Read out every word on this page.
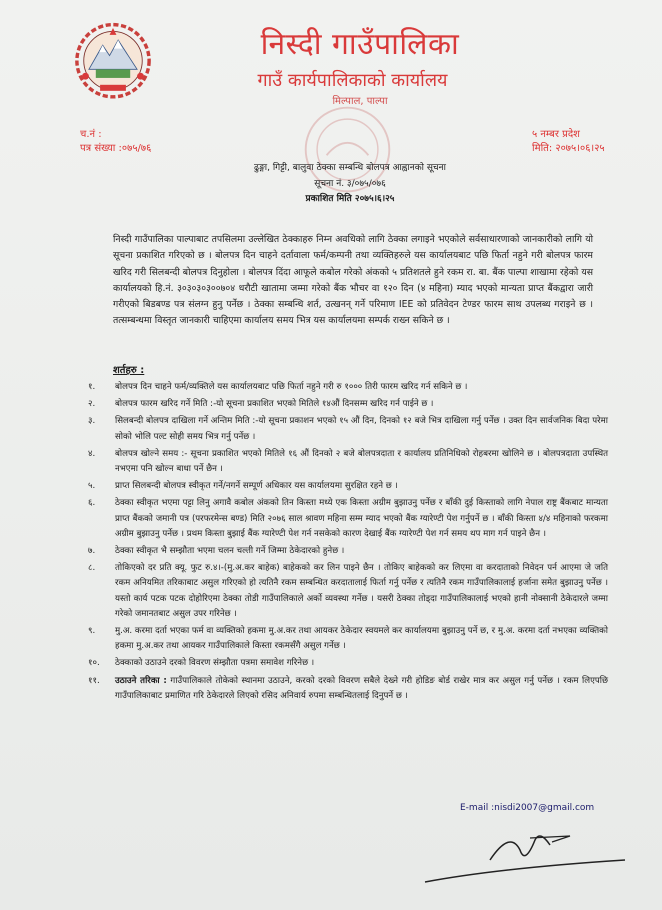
निस्दी गाउँपालिका
गाउँ कार्यपालिकाको कार्यालय
मिल्पाल, पाल्पा
च.नं :
पत्र संख्या :०७५/७६
५ नम्बर प्रदेश
मिति: २०७५।०६।२५
ढुङ्गा, गिट्टी, बालुवा ठेक्का सम्बन्धि बोलपत्र आह्वानको सूचना
सूचना नं. ३/०७५/०७६
प्रकाशित मिति २०७५।६।२५
निस्दी गाउँपालिका पाल्पाबाट तपसिलमा उल्लेखित ठेक्काहरु निम्न अवधिको लागि ठेक्का लगाइने भएकोले सर्वसाधारणाको जानकारीको लागि यो सूचना प्रकाशित गरिएको छ । बोलपत्र दिन चाहने दर्तावाला फर्म/कम्पनी तथा व्यक्तिहरुले यस कार्यालयबाट पछि फिर्ता नहुने गरी बोलपत्र फारम खरिद गरी सिलबन्दी बोलपत्र दिनुहोला । बोलपत्र दिंदा आफूले कबोल गरेको अंकको ५ प्रतिशतले हुने रकम रा. बा. बैंक पाल्पा शाखामा रहेको यस कार्यालयको हि.नं. ३०३०३०३००७०४ धरौटी खातामा जम्मा गरेको बैंक भौचर वा १२० दिन (४ महिना) म्याद भएको मान्यता प्राप्त बैंकद्वारा जारी गरीएको बिडबण्ड पत्र संलग्न हुनु पर्नेछ । ठेक्का सम्बन्धि शर्त, उत्खनन् गर्ने परिमाण IEE को प्रतिवेदन टेण्डर फारम साथ उपलब्ध गराइने छ । तत्सम्बन्धमा विस्तृत जानकारी चाहिएमा कार्यालय समय भित्र यस कार्यालयमा सम्पर्क राख्न सकिने छ ।
शर्तहरु :
१.	बोलपत्र दिन चाहने फर्म/व्यक्तिले यस कार्यालयबाट पछि फिर्ता नहुने गरी रु १००० तिरी फारम खरिद गर्न सकिने छ ।
२.	बोलपत्र फारम खरिद गर्ने मिति :-यो सूचना प्रकाशित भएको मितिले १४औं दिनसम्म खरिद गर्न पाईने छ ।
३.	सिलबन्दी बोलपत्र दाखिला गर्ने अन्तिम मिति :-यो सूचना प्रकाशन भएको १५ औं दिन, दिनको १२ बजे भित्र दाखिला गर्नु पर्नेछ । उक्त दिन सार्वजनिक बिदा परेमा सोको भोलि पल्ट सोही समय भित्र गर्नु पर्नेछ ।
४.	बोलपत्र खोल्ने समय :- सूचना प्रकाशित भएको मितिले १६ औं दिनको २ बजे बोलपत्रदाता र कार्यालय प्रतिनिधिको रोहबरमा खोलिने छ । बोलपत्रदाता उपस्थित नभएमा पनि खोल्न बाधा पर्ने छैन ।
५.	प्राप्त सिलबन्दी बोलपत्र स्वीकृत गर्ने/नगर्ने सम्पूर्ण अधिकार यस कार्यालयमा सुरक्षित रहने छ ।
६.	ठेक्का स्वीकृत भएमा पट्टा लिनु अगावै कबोल अंकको तिन किस्ता मध्ये एक किस्ता अग्रीम बुझाउनु पर्नेछ र बाँकी दुई किस्ताको लागि नेपाल राष्ट्र बैंकबाट मान्यता प्राप्त बैंकको जमानी पत्र (परफरमेन्स बण्ड) मिति २०७६ साल श्रावण महिना सम्म म्याद भएको बैंक ग्यारेण्टी पेश गर्नुपर्ने छ । बाँकी किस्ता ४/४ महिनाको फरकमा अग्रीम बुझाउनु पर्नेछ । प्रथम किस्ता बुझाई बैंक ग्यारेण्टी पेश गर्न नसकेको कारण देखाई बैंक ग्यारेण्टी पेश गर्न समय थप माग गर्न पाइने छैन ।
७.	ठेक्का स्वीकृत भै सम्झौता भएमा चलन चल्ती गर्ने जिम्मा ठेकेदारको हुनेछ ।
८.	तोकिएको दर प्रति क्यू. फुट रु.४।-(मु.अ.कर बाहेक) बाहेकको कर लिन पाइने छैन । तोकिए बाहेकको कर लिएमा वा करदाताको निवेदन पर्न आएमा जे जति रकम अनियमित तरिकाबाट असुल गरिएको हो त्यतिनै रकम सम्बन्धित करदातालाई फिर्ता गर्नु पर्नेछ र त्यतिनै रकम गाउँपालिकालाई हर्जाना समेत बुझाउनु पर्नेछ । यस्तो कार्य पटक पटक दोहोरिएमा ठेक्का तोडी गाउँपालिकाले अर्को व्यवस्था गर्नेछ । यसरी ठेक्का तोड्दा गाउँपालिकालाई भएको हानी नोक्सानी ठेकेदारले जम्मा गरेको जमानतबाट असुल उपर गरिनेछ ।
९.	मु.अ. करमा दर्ता भएका फर्म वा व्यक्तिको हकमा मु.अ.कर तथा आयकर ठेकेदार स्वयमले कर कार्यालयमा बुझाउनु पर्ने छ, र मु.अ. करमा दर्ता नभएका व्यक्तिको हकमा मु.अ.कर तथा आयकर गाउँपालिकाले किस्ता रकमसँगै असुल गर्नेछ ।
१०.	ठेक्काको उठाउने दरको विवरण संम्झौता पत्रमा समावेश गरिनेछ ।
११.	उठाउने तरिका : गाउँपालिकाले तोकेको स्थानमा उठाउने, करको दरको विवरण सबैले देख्ने गरी होडिङ बोर्ड राखेर मात्र कर असुल गर्नु पर्नेछ । रकम लिएपछि गाउँपालिकाबाट प्रमाणित गरि ठेकेदारले लिएको रसिद अनिवार्य रुपमा सम्बन्धितलाई दिनुपर्ने छ ।
E-mail :nisdi2007@gmail.com
